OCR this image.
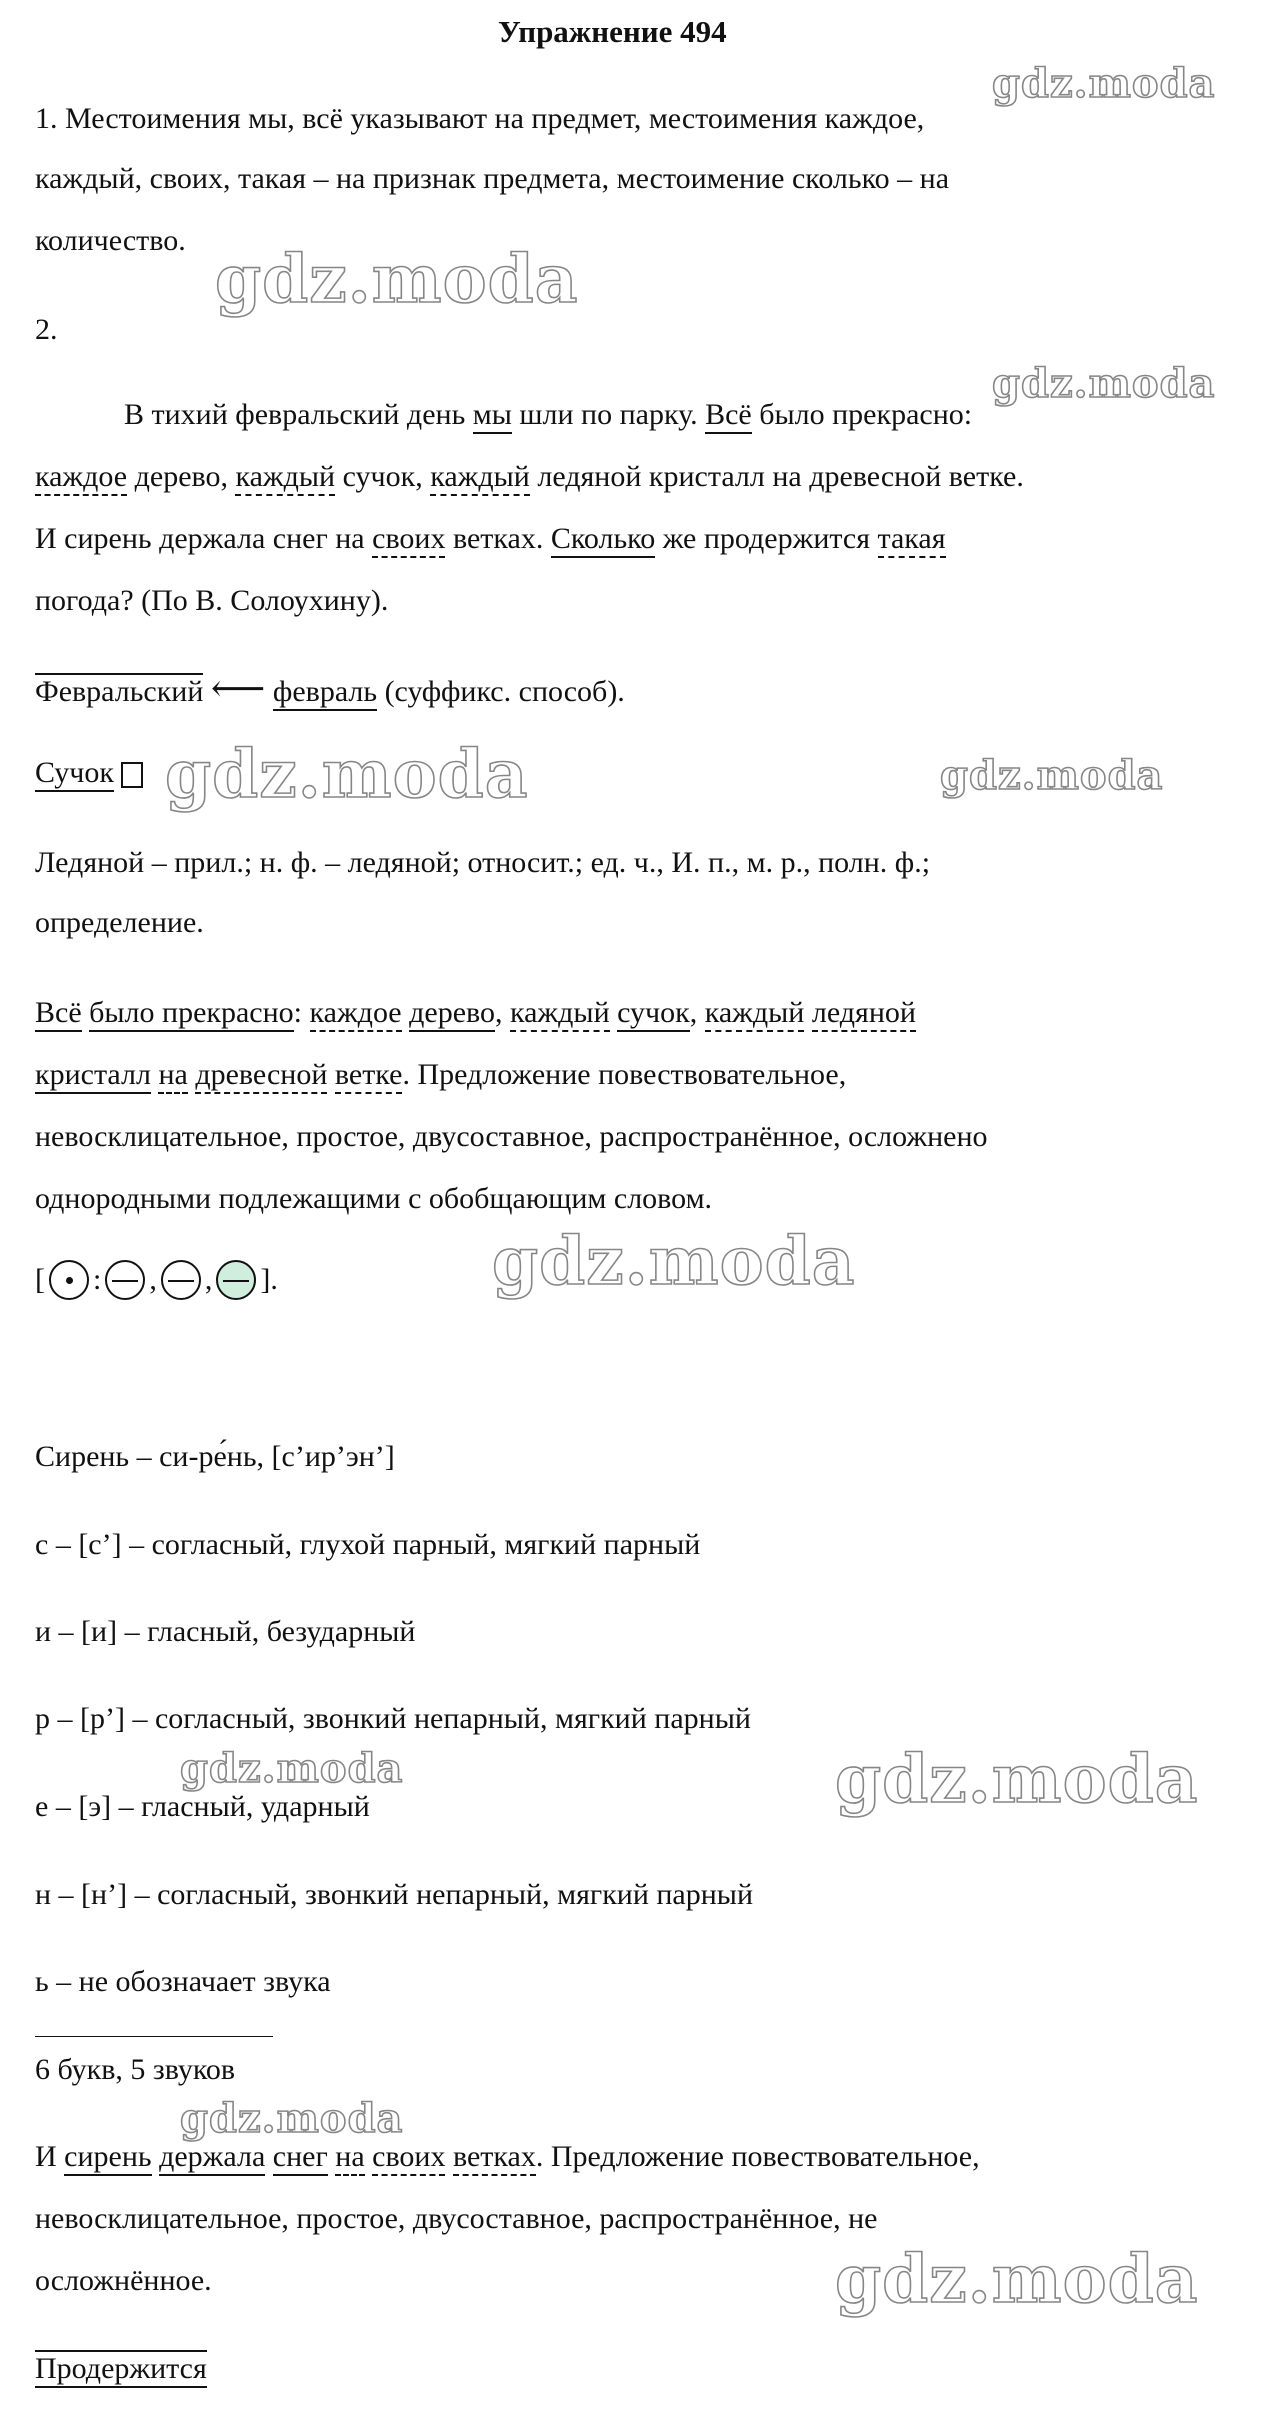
Упражнение 494
gdz.moda
gdz.moda
gdz.moda
gdz.moda	gdz.moda
gdz.moda
gdz.moda	gdz.moda
gdz.moda
gdz.moda
1. Местоимения мы, всё указывают на предмет, местоимения каждое,
каждый, своих, такая – на признак предмета, местоимение сколько – на
количество.
2.
В тихий февральский день мы шли по парку. Всё было прекрасно:
каждое дерево, каждый сучок, каждый ледяной кристалл на древесной ветке.
И сирень держала снег на своих ветках. Сколько же продержится такая
погода? (По В. Солоухину).
Февральский ⟵ февраль (суффикс. способ).
Сучок
Ледяной – прил.; н. ф. – ледяной; относит.; ед. ч., И. п., м. р., полн. ф.;
определение.
Всё было прекрасно: каждое дерево, каждый сучок, каждый ледяной
кристалл на древесной ветке. Предложение повествовательное,
невосклицательное, простое, двусоставное, распространённое, осложнено
однородными подлежащими с обобщающим словом.
[ : , , ].
Сирень – си-ре́нь, [с’ир’эн’]
с – [с’] – согласный, глухой парный, мягкий парный
и – [и] – гласный, безударный
р – [р’] – согласный, звонкий непарный, мягкий парный
е – [э] – гласный, ударный
н – [н’] – согласный, звонкий непарный, мягкий парный
ь – не обозначает звука
6 букв, 5 звуков
И сирень держала снег на своих ветках. Предложение повествовательное,
невосклицательное, простое, двусоставное, распространённое, не
осложнённое.
Продержится
